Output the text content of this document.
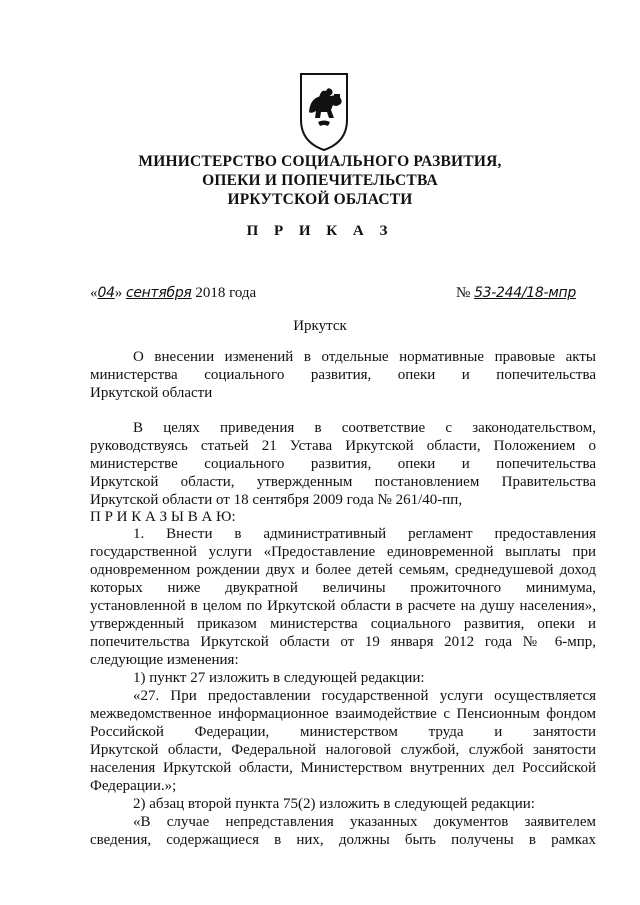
МИНИСТЕРСТВО СОЦИАЛЬНОГО РАЗВИТИЯ,
ОПЕКИ И ПОПЕЧИТЕЛЬСТВА
ИРКУТСКОЙ ОБЛАСТИ
П Р И К А З
«04» сентября 2018 года	№ 53-244/18-мпр
Иркутск
О внесении изменений в отдельные нормативные правовые акты
министерства социального развития, опеки и попечительства
Иркутской области
В целях приведения в соответствие с законодательством,
руководствуясь статьей 21 Устава Иркутской области, Положением о
министерстве социального развития, опеки и попечительства
Иркутской области, утвержденным постановлением Правительства
Иркутской области от 18 сентября 2009 года № 261/40-пп,
П Р И К А З Ы В А Ю:
1. Внести в административный регламент предоставления
государственной услуги «Предоставление единовременной выплаты при
одновременном рождении двух и более детей семьям, среднедушевой доход
которых ниже двукратной величины прожиточного минимума,
установленной в целом по Иркутской области в расчете на душу населения»,
утвержденный приказом министерства социального развития, опеки и
попечительства Иркутской области от 19 января 2012 года № 6-мпр,
следующие изменения:
1) пункт 27 изложить в следующей редакции:
«27. При предоставлении государственной услуги осуществляется
межведомственное информационное взаимодействие с Пенсионным фондом
Российской Федерации, министерством труда и занятости
Иркутской области, Федеральной налоговой службой, службой занятости
населения Иркутской области, Министерством внутренних дел Российской
Федерации.»;
2) абзац второй пункта 75(2) изложить в следующей редакции:
«В случае непредставления указанных документов заявителем
сведения, содержащиеся в них, должны быть получены в рамках
